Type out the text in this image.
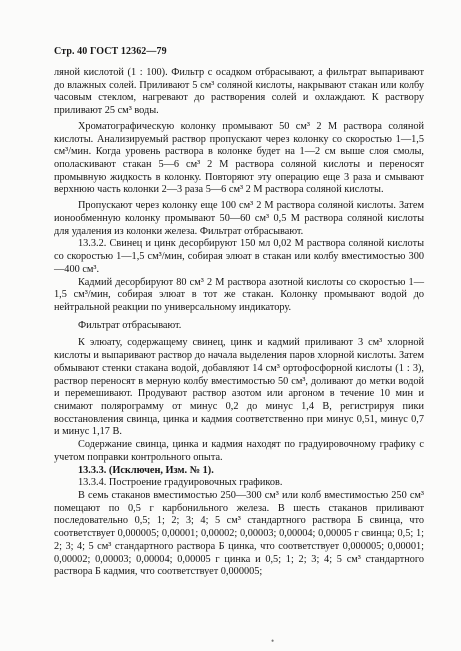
Стр. 40 ГОСТ 12362—79

ляной кислотой (1 : 100). Фильтр с осадком отбрасывают, а фильтрат выпаривают до влажных солей. Приливают 5 см³ соляной кислоты, накрывают стакан или колбу часовым стеклом, нагревают до растворения солей и охлаждают. К раствору приливают 25 см³ воды.

Хроматографическую колонку промывают 50 см³ 2 М раствора соляной кислоты. Анализируемый раствор пропускают через колонку со скоростью 1—1,5 см³/мин. Когда уровень раствора в колонке будет на 1—2 см выше слоя смолы, ополаскивают стакан 5—6 см³ 2 М раствора соляной кислоты и переносят промывную жидкость в колонку. Повторяют эту операцию еще 3 раза и смывают верхнюю часть колонки 2—3 раза 5—6 см³ 2 М раствора соляной кислоты.

Пропускают через колонку еще 100 см³ 2 М раствора соляной кислоты. Затем ионообменную колонку промывают 50—60 см³ 0,5 М раствора соляной кислоты для удаления из колонки железа. Фильтрат отбрасывают.

13.3.2. Свинец и цинк десорбируют 150 мл 0,02 М раствора соляной кислоты со скоростью 1—1,5 см³/мин, собирая элюат в стакан или колбу вместимостью 300—400 см³.

Кадмий десорбируют 80 см³ 2 М раствора азотной кислоты со скоростью 1—1,5 см³/мин, собирая элюат в тот же стакан. Колонку промывают водой до нейтральной реакции по универсальному индикатору.

Фильтрат отбрасывают.

К элюату, содержащему свинец, цинк и кадмий приливают 3 см³ хлорной кислоты и выпаривают раствор до начала выделения паров хлорной кислоты. Затем обмывают стенки стакана водой, добавляют 14 см³ ортофосфорной кислоты (1 : 3), раствор переносят в мерную колбу вместимостью 50 см³, доливают до метки водой и перемешивают. Продувают раствор азотом или аргоном в течение 10 мин и снимают полярограмму от минус 0,2 до минус 1,4 В, регистрируя пики восстановления свинца, цинка и кадмия соответственно при минус 0,51, минус 0,7 и минус 1,17 В.

Содержание свинца, цинка и кадмия находят по градуировочному графику с учетом поправки контрольного опыта.

13.3.3. (Исключен, Изм. № 1).

13.3.4. Построение градуировочных графиков.

В семь стаканов вместимостью 250—300 см³ или колб вместимостью 250 см³ помещают по 0,5 г карбонильного железа. В шесть стаканов приливают последовательно 0,5; 1; 2; 3; 4; 5 см³ стандартного раствора Б свинца, что соответствует 0,000005; 0,00001; 0,00002; 0,00003; 0,00004; 0,00005 г свинца; 0,5; 1; 2; 3; 4; 5 см³ стандартного раствора Б цинка, что соответствует 0,000005; 0,00001; 0,00002; 0,00003; 0,00004; 0,00005 г цинка и 0,5; 1; 2; 3; 4; 5 см³ стандартного раствора Б кадмия, что соответствует 0,000005;

•
